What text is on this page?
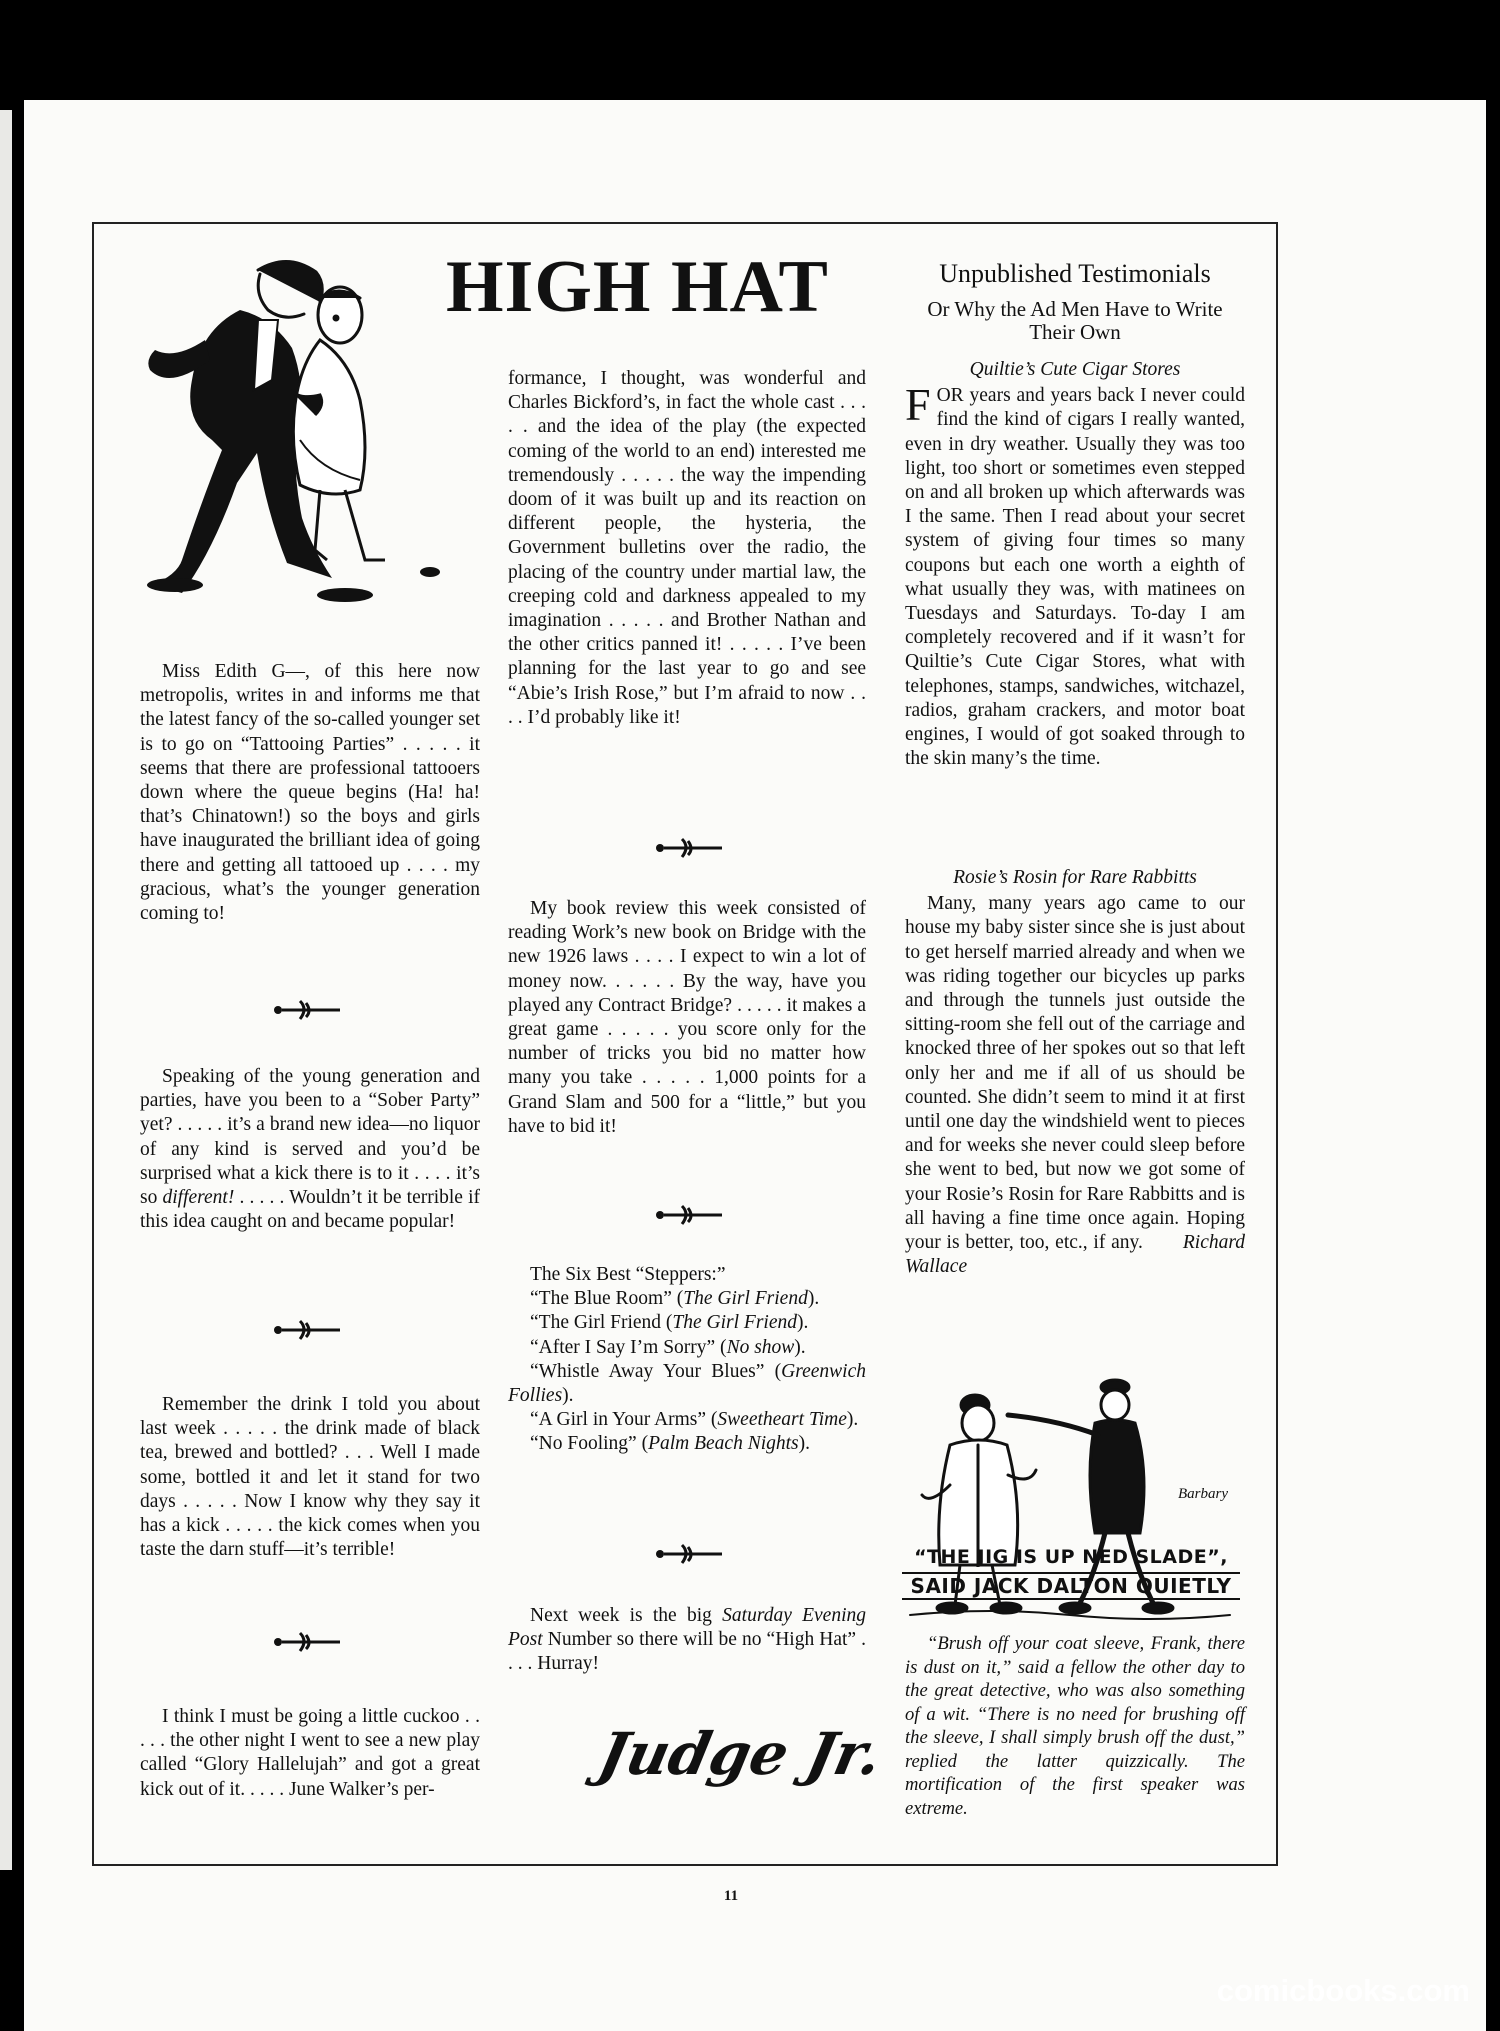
HIGH HAT

Miss Edith G—, of this here now metropolis, writes in and informs me that the latest fancy of the so-called younger set is to go on “Tattooing Parties” . . . . . it seems that there are professional tattooers down where the queue begins (Ha! ha! that’s Chinatown!) so the boys and girls have inaugurated the brilliant idea of going there and getting all tattooed up . . . . my gracious, what’s the younger generation coming to!

Speaking of the young generation and parties, have you been to a “Sober Party” yet? . . . . . it’s a brand new idea—no liquor of any kind is served and you’d be surprised what a kick there is to it . . . . it’s so different! . . . . . Wouldn’t it be terrible if this idea caught on and became popular!

Remember the drink I told you about last week . . . . . the drink made of black tea, brewed and bottled? . . . Well I made some, bottled it and let it stand for two days . . . . . Now I know why they say it has a kick . . . . . the kick comes when you taste the darn stuff—it’s terrible!

I think I must be going a little cuckoo . . . . . the other night I went to see a new play called “Glory Hallelujah” and got a great kick out of it. . . . . June Walker’s per-

formance, I thought, was wonderful and Charles Bickford’s, in fact the whole cast . . . . . and the idea of the play (the expected coming of the world to an end) interested me tremendously . . . . . the way the impending doom of it was built up and its reaction on different people, the hysteria, the Government bulletins over the radio, the placing of the country under martial law, the creeping cold and darkness appealed to my imagination . . . . . and Brother Nathan and the other critics panned it! . . . . . I’ve been planning for the last year to go and see “Abie’s Irish Rose,” but I’m afraid to now . . . . I’d probably like it!

My book review this week consisted of reading Work’s new book on Bridge with the new 1926 laws . . . . I expect to win a lot of money now. . . . . . By the way, have you played any Contract Bridge? . . . . . it makes a great game . . . . . you score only for the number of tricks you bid no matter how many you take . . . . . 1,000 points for a Grand Slam and 500 for a “little,” but you have to bid it!

The Six Best “Steppers:”

“The Blue Room” (The Girl Friend).

“The Girl Friend (The Girl Friend).

“After I Say I’m Sorry” (No show).

“Whistle Away Your Blues” (Greenwich Follies).

“A Girl in Your Arms” (Sweetheart Time).

“No Fooling” (Palm Beach Nights).

Next week is the big Saturday Evening Post Number so there will be no “High Hat” . . . . Hurray!

Judge Jr.
Unpublished Testimonials
Or Why the Ad Men Have to Write Their Own

Quiltie’s Cute Cigar Stores

FOR years and years back I never could find the kind of cigars I really wanted, even in dry weather. Usually they was too light, too short or sometimes even stepped on and all broken up which afterwards was I the same. Then I read about your secret system of giving four times so many coupons but each one worth a eighth of what usually they was, with matinees on Tuesdays and Saturdays. To-day I am completely recovered and if it wasn’t for Quiltie’s Cute Cigar Stores, what with telephones, stamps, sandwiches, witchazel, radios, graham crackers, and motor boat engines, I would of got soaked through to the skin many’s the time.

Rosie’s Rosin for Rare Rabbitts

Many, many years ago came to our house my baby sister since she is just about to get herself married already and when we was riding together our bicycles up parks and through the tunnels just outside the sitting-room she fell out of the carriage and knocked three of her spokes out so that left only her and me if all of us should be counted. She didn’t seem to mind it at first until one day the windshield went to pieces and for weeks she never could sleep before she went to bed, but now we got some of your Rosie’s Rosin for Rare Rabbitts and is all having a fine time once again. Hoping your is better, too, etc., if any. Richard Wallace

Barbary
“THE JIG IS UP NED SLADE”,
SAID JACK DALTON QUIETLY

“Brush off your coat sleeve, Frank, there is dust on it,” said a fellow the other day to the great detective, who was also something of a wit. “There is no need for brushing off the sleeve, I shall simply brush off the dust,” replied the latter quizzically. The mortification of the first speaker was extreme.

11
comicbooks.com
